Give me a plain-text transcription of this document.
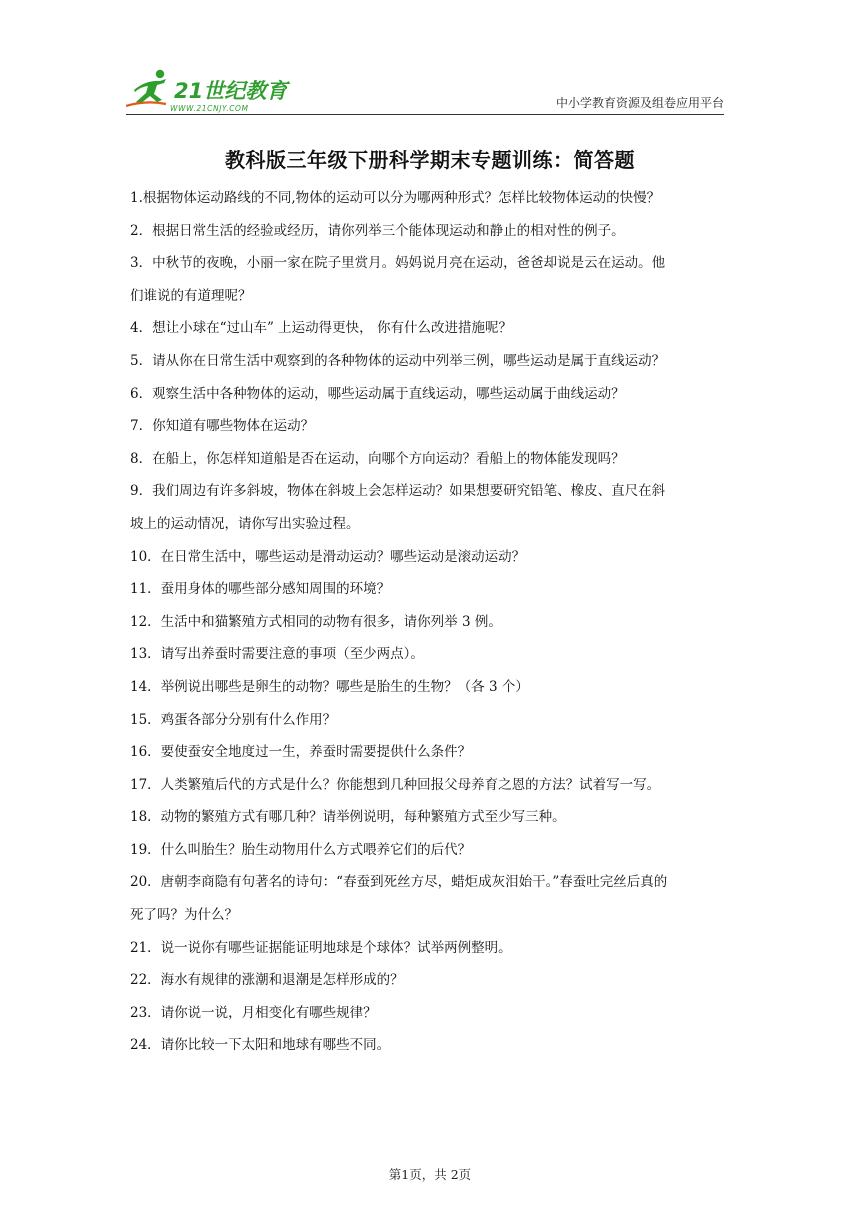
21世纪教育
WWW.21CNJY.COM	中小学教育资源及组卷应用平台
教科版三年级下册科学期末专题训练：简答题
1.根据物体运动路线的不同,物体的运动可以分为哪两种形式？怎样比较物体运动的快慢？
2．根据日常生活的经验或经历，请你列举三个能体现运动和静止的相对性的例子。
3．中秋节的夜晚，小丽一家在院子里赏月。妈妈说月亮在运动，爸爸却说是云在运动。他
们谁说的有道理呢？
4．想让小球在“过山车” 上运动得更快， 你有什么改进措施呢？
5．请从你在日常生活中观察到的各种物体的运动中列举三例，哪些运动是属于直线运动？
6．观察生活中各种物体的运动，哪些运动属于直线运动，哪些运动属于曲线运动？
7．你知道有哪些物体在运动？
8．在船上，你怎样知道船是否在运动，向哪个方向运动？看船上的物体能发现吗？
9．我们周边有许多斜坡，物体在斜坡上会怎样运动？如果想要研究铅笔、橡皮、直尺在斜
坡上的运动情况，请你写出实验过程。
10．在日常生活中，哪些运动是滑动运动？哪些运动是滚动运动？
11．蚕用身体的哪些部分感知周围的环境？
12．生活中和猫繁殖方式相同的动物有很多，请你列举 3 例。
13．请写出养蚕时需要注意的事项（至少两点）。
14．举例说出哪些是卵生的动物？哪些是胎生的生物？（各 3 个）
15．鸡蛋各部分分别有什么作用？
16．要使蚕安全地度过一生，养蚕时需要提供什么条件？
17．人类繁殖后代的方式是什么？你能想到几种回报父母养育之恩的方法？试着写一写。
18．动物的繁殖方式有哪几种？请举例说明，每种繁殖方式至少写三种。
19．什么叫胎生？胎生动物用什么方式喂养它们的后代？
20．唐朝李商隐有句著名的诗句：“春蚕到死丝方尽，蜡炬成灰泪始干。”春蚕吐完丝后真的
死了吗？为什么？
21．说一说你有哪些证据能证明地球是个球体？试举两例整明。
22．海水有规律的涨潮和退潮是怎样形成的？
23．请你说一说，月相变化有哪些规律？
24．请你比较一下太阳和地球有哪些不同。
第1页，共 2页
